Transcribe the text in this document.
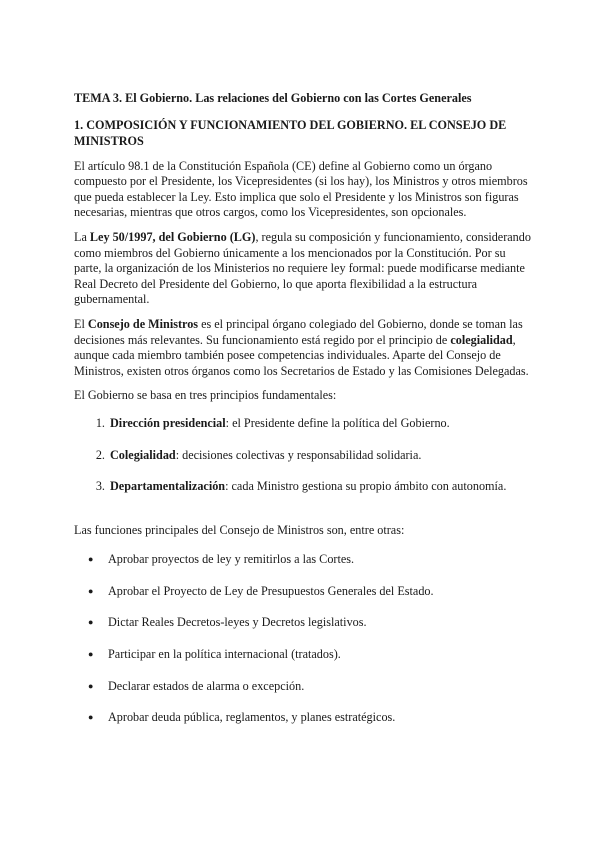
TEMA 3. El Gobierno. Las relaciones del Gobierno con las Cortes Generales
1. COMPOSICIÓN Y FUNCIONAMIENTO DEL GOBIERNO. EL CONSEJO DE MINISTROS

El artículo 98.1 de la Constitución Española (CE) define al Gobierno como un órgano compuesto por el Presidente, los Vicepresidentes (si los hay), los Ministros y otros miembros que pueda establecer la Ley. Esto implica que solo el Presidente y los Ministros son figuras necesarias, mientras que otros cargos, como los Vicepresidentes, son opcionales.

La Ley 50/1997, del Gobierno (LG), regula su composición y funcionamiento, considerando como miembros del Gobierno únicamente a los mencionados por la Constitución. Por su parte, la organización de los Ministerios no requiere ley formal: puede modificarse mediante Real Decreto del Presidente del Gobierno, lo que aporta flexibilidad a la estructura gubernamental.

El Consejo de Ministros es el principal órgano colegiado del Gobierno, donde se toman las decisiones más relevantes. Su funcionamiento está regido por el principio de colegialidad, aunque cada miembro también posee competencias individuales. Aparte del Consejo de Ministros, existen otros órganos como los Secretarios de Estado y las Comisiones Delegadas.

El Gobierno se basa en tres principios fundamentales:

1. Dirección presidencial: el Presidente define la política del Gobierno.
2. Colegialidad: decisiones colectivas y responsabilidad solidaria.
3. Departamentalización: cada Ministro gestiona su propio ámbito con autonomía.

Las funciones principales del Consejo de Ministros son, entre otras:

●	Aprobar proyectos de ley y remitirlos a las Cortes.
●	Aprobar el Proyecto de Ley de Presupuestos Generales del Estado.
●	Dictar Reales Decretos-leyes y Decretos legislativos.
●	Participar en la política internacional (tratados).
●	Declarar estados de alarma o excepción.
●	Aprobar deuda pública, reglamentos, y planes estratégicos.
